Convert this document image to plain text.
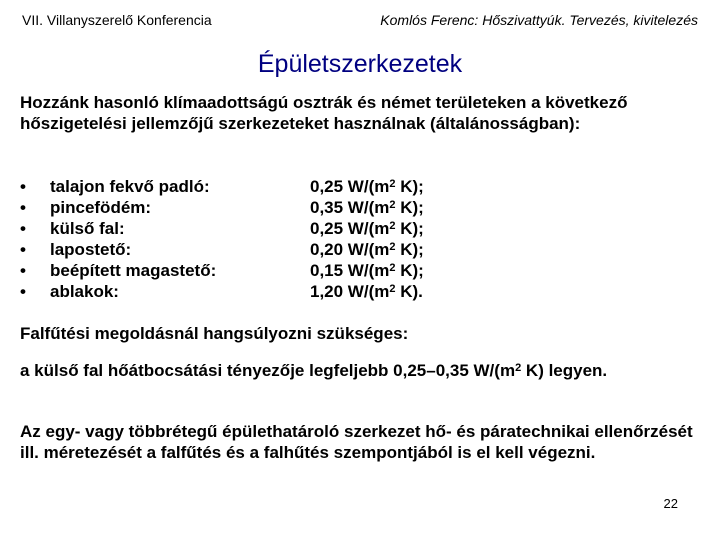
VII. Villanyszerelő Konferencia	Komlós Ferenc: Hőszivattyúk. Tervezés, kivitelezés
Épületszerkezetek
Hozzánk hasonló klímaadottságú osztrák és német területeken a következő hőszigetelési jellemzőjű szerkezeteket használnak (általánosságban):
•	talajon fekvő padló:	0,25 $W/(m^2$ K);
•	pincefödém:	0,35 $W/(m^2$ K);
•	külső fal:	0,25 $W/(m^2$ K);
•	lapostető:	0,20 $W/(m^2$ K);
•	beépített magastető:	0,15 $W/(m^2$ K);
•	ablakok:	1,20 $W/(m^2$ K).
Falfűtési megoldásnál hangsúlyozni szükséges:
a külső fal hőátbocsátási tényezője legfeljebb 0,25–0,35 $W/(m^2$ K) legyen.
Az egy- vagy többrétegű épülethatároló szerkezet hő- és páratechnikai ellenőrzését ill. méretezését a falfűtés és a falhűtés szempontjából is el kell végezni.
22
